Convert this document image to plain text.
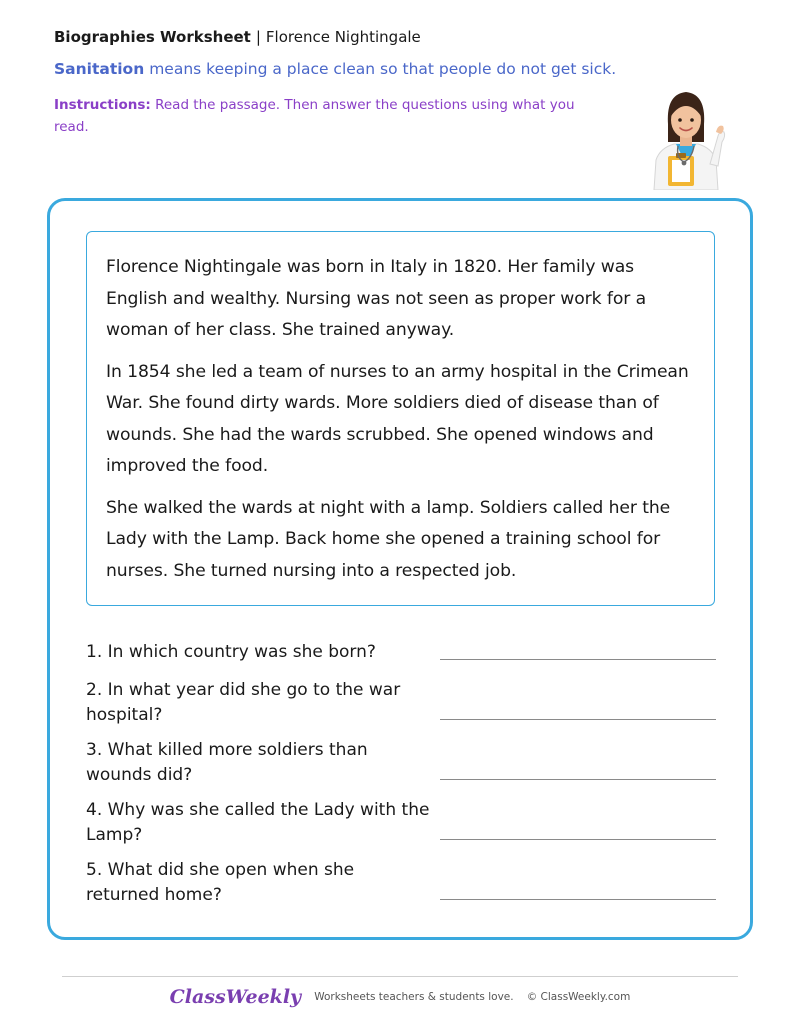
Biographies Worksheet | Florence Nightingale
Sanitation means keeping a place clean so that people do not get sick.
Instructions: Read the passage. Then answer the questions using what you read.

Florence Nightingale was born in Italy in 1820. Her family was English and wealthy. Nursing was not seen as proper work for a woman of her class. She trained anyway.

In 1854 she led a team of nurses to an army hospital in the Crimean War. She found dirty wards. More soldiers died of disease than of wounds. She had the wards scrubbed. She opened windows and improved the food.

She walked the wards at night with a lamp. Soldiers called her the Lady with the Lamp. Back home she opened a training school for nurses. She turned nursing into a respected job.

1. In which country was she born?
2. In what year did she go to the war hospital?
3. What killed more soldiers than wounds did?
4. Why was she called the Lady with the Lamp?
5. What did she open when she returned home?
ClassWeekly Worksheets teachers & students love. © ClassWeekly.com
